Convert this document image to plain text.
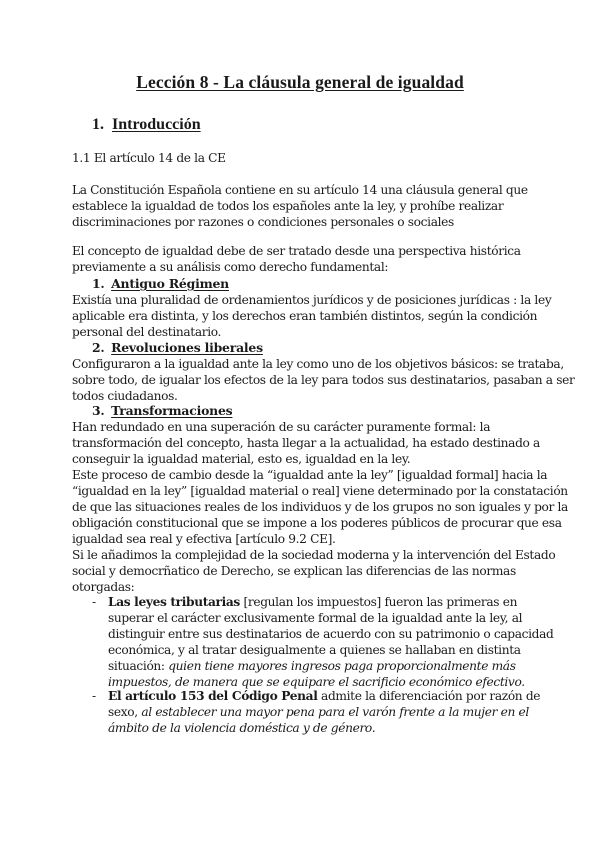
Lección 8 - La cláusula general de igualdad
1. Introducción
1.1 El artículo 14 de la CE
La Constitución Española contiene en su artículo 14 una cláusula general que
establece la igualdad de todos los españoles ante la ley, y prohíbe realizar
discriminaciones por razones o condiciones personales o sociales
El concepto de igualdad debe de ser tratado desde una perspectiva histórica
previamente a su análisis como derecho fundamental:
1. Antiguo Régimen
Existía una pluralidad de ordenamientos jurídicos y de posiciones jurídicas : la ley
aplicable era distinta, y los derechos eran también distintos, según la condición
personal del destinatario.
2. Revoluciones liberales
Configuraron a la igualdad ante la ley como uno de los objetivos básicos: se trataba,
sobre todo, de igualar los efectos de la ley para todos sus destinatarios, pasaban a ser
todos ciudadanos.
3. Transformaciones
Han redundado en una superación de su carácter puramente formal: la
transformación del concepto, hasta llegar a la actualidad, ha estado destinado a
conseguir la igualdad material, esto es, igualdad en la ley.
Este proceso de cambio desde la “igualdad ante la ley” [igualdad formal] hacia la
“igualdad en la ley” [igualdad material o real] viene determinado por la constatación
de que las situaciones reales de los individuos y de los grupos no son iguales y por la
obligación constitucional que se impone a los poderes públicos de procurar que esa
igualdad sea real y efectiva [artículo 9.2 CE].
Si le añadimos la complejidad de la sociedad moderna y la intervención del Estado
social y democrñatico de Derecho, se explican las diferencias de las normas
otorgadas:
- Las leyes tributarias [regulan los impuestos] fueron las primeras en
superar el carácter exclusivamente formal de la igualdad ante la ley, al
distinguir entre sus destinatarios de acuerdo con su patrimonio o capacidad
económica, y al tratar desigualmente a quienes se hallaban en distinta
situación: quien tiene mayores ingresos paga proporcionalmente más
impuestos, de manera que se equipare el sacrificio económico efectivo.
- El artículo 153 del Código Penal admite la diferenciación por razón de
sexo, al establecer una mayor pena para el varón frente a la mujer en el
ámbito de la violencia doméstica y de género.
